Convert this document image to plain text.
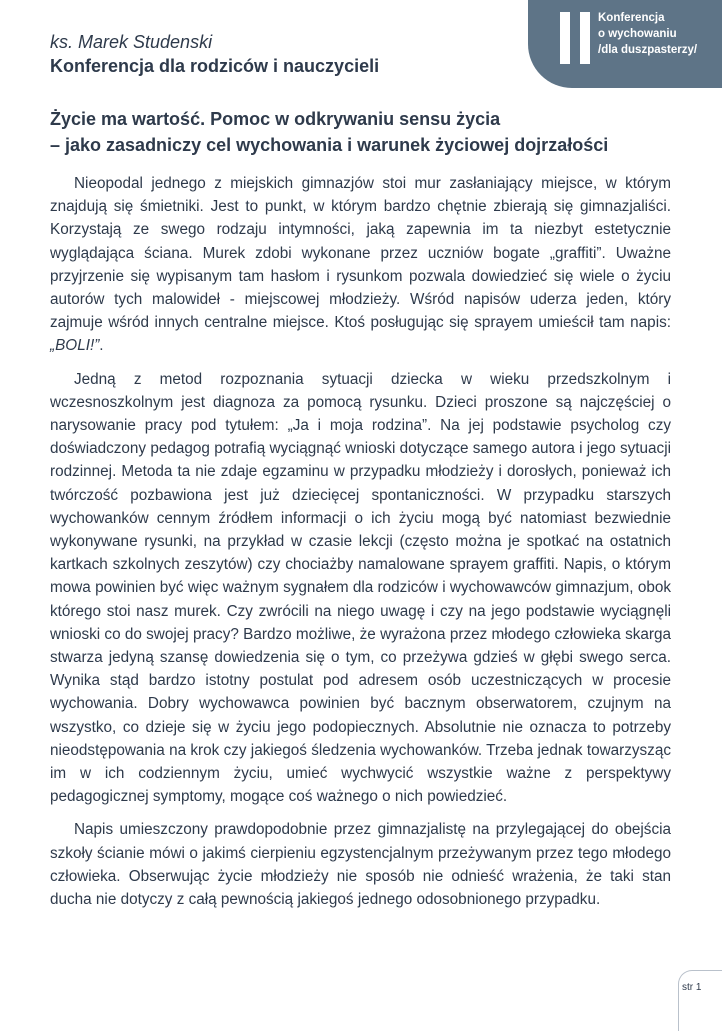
Konferencja
o wychowaniu
/dla duszpasterzy/
ks. Marek Studenski
Konferencja dla rodziców i nauczycieli
Życie ma wartość. Pomoc w odkrywaniu sensu życia
– jako zasadniczy cel wychowania i warunek życiowej dojrzałości

Nieopodal jednego z miejskich gimnazjów stoi mur zasłaniający miejsce, w którym znajdują się śmietniki. Jest to punkt, w którym bardzo chętnie zbierają się gimnazjaliści. Korzystają ze swego rodzaju intymności, jaką zapewnia im ta niezbyt estetycznie wyglądająca ściana. Murek zdobi wykonane przez uczniów bogate „graffiti”. Uważne przyjrzenie się wypisanym tam hasłom i rysunkom pozwala dowiedzieć się wiele o życiu autorów tych malowideł - miejscowej młodzieży. Wśród napisów uderza jeden, który zajmuje wśród innych centralne miejsce. Ktoś posługując się sprayem umieścił tam napis: „BOLI!”.

Jedną z metod rozpoznania sytuacji dziecka w wieku przedszkolnym i wczesnoszkolnym jest diagnoza za pomocą rysunku. Dzieci proszone są najczęściej o narysowanie pracy pod tytułem: „Ja i moja rodzina”. Na jej podstawie psycholog czy doświadczony pedagog potrafią wyciągnąć wnioski dotyczące samego autora i jego sytuacji rodzinnej. Metoda ta nie zdaje egzaminu w przypadku młodzieży i dorosłych, ponieważ ich twórczość pozbawiona jest już dziecięcej spontaniczności. W przypadku starszych wychowanków cennym źródłem informacji o ich życiu mogą być natomiast bezwiednie wykonywane rysunki, na przykład w czasie lekcji (często można je spotkać na ostatnich kartkach szkolnych zeszytów) czy chociażby namalowane sprayem graffiti. Napis, o którym mowa powinien być więc ważnym sygnałem dla rodziców i wychowawców gimnazjum, obok którego stoi nasz murek. Czy zwrócili na niego uwagę i czy na jego podstawie wyciągnęli wnioski co do swojej pracy? Bardzo możliwe, że wyrażona przez młodego człowieka skarga stwarza jedyną szansę dowiedzenia się o tym, co przeżywa gdzieś w głębi swego serca. Wynika stąd bardzo istotny postulat pod adresem osób uczestniczących w procesie wychowania. Dobry wychowawca powinien być bacznym obserwatorem, czujnym na wszystko, co dzieje się w życiu jego podopiecznych. Absolutnie nie oznacza to potrzeby nieodstępowania na krok czy jakiegoś śledzenia wychowanków. Trzeba jednak towarzysząc im w ich codziennym życiu, umieć wychwycić wszystkie ważne z perspektywy pedagogicznej symptomy, mogące coś ważnego o nich powiedzieć.

Napis umieszczony prawdopodobnie przez gimnazjalistę na przylegającej do obejścia szkoły ścianie mówi o jakimś cierpieniu egzystencjalnym przeżywanym przez tego młodego człowieka. Obserwując życie młodzieży nie sposób nie odnieść wrażenia, że taki stan ducha nie dotyczy z całą pewnością jakiegoś jednego odosobnionego przypadku.

str 1
